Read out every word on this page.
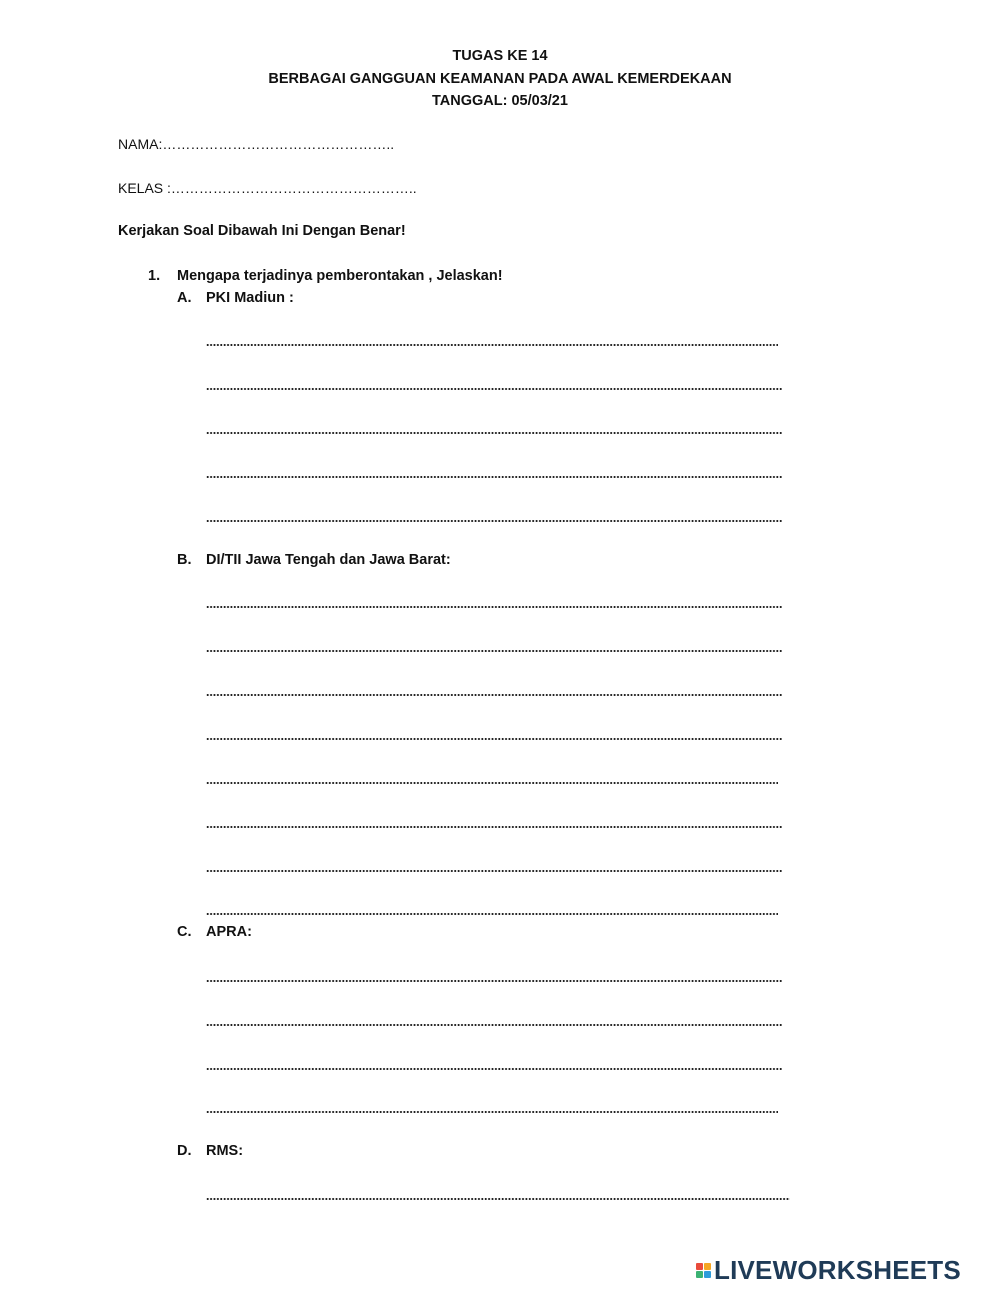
TUGAS KE 14
BERBAGAI GANGGUAN KEAMANAN PADA AWAL KEMERDEKAAN
TANGGAL: 05/03/21
NAMA:…………………………………………..
KELAS :……………………………………………..
Kerjakan Soal Dibawah Ini Dengan Benar!
1. Mengapa terjadinya pemberontakan , Jelaskan!
A. PKI Madiun :
B. DI/TII Jawa Tengah dan Jawa Barat:
C. APRA:
D. RMS:
LIVEWORKSHEETS
